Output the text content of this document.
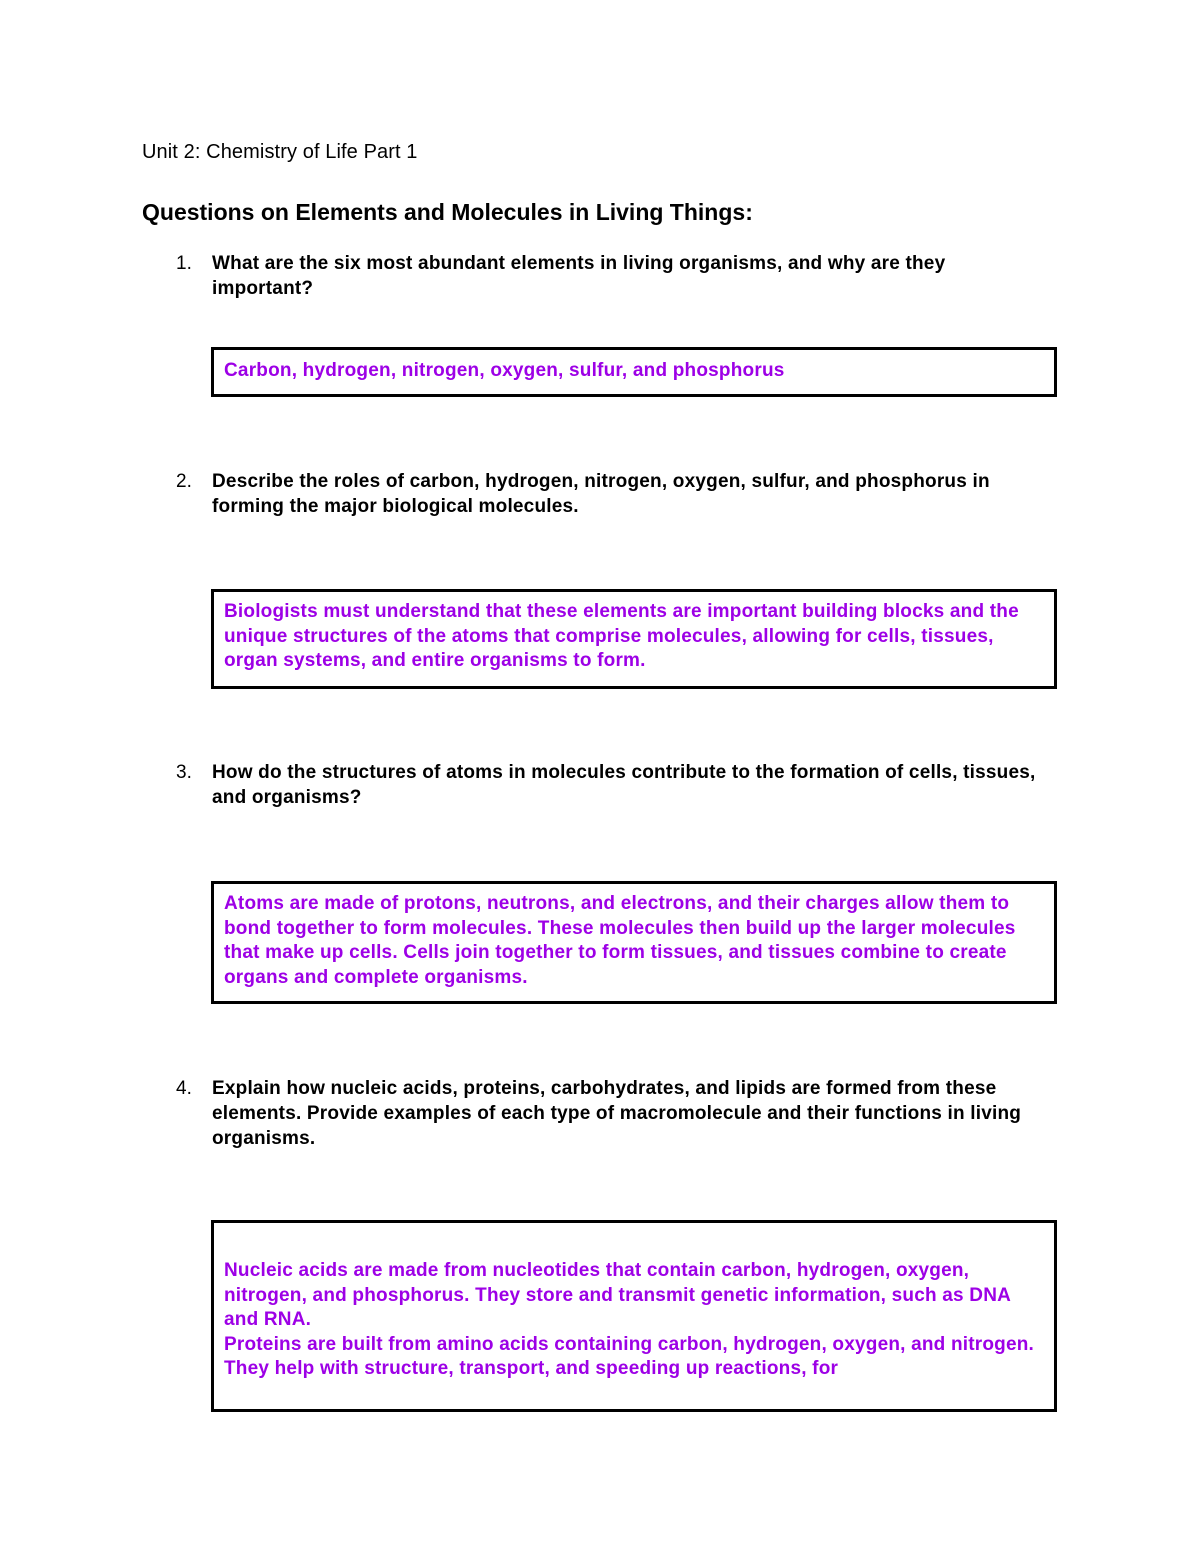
Unit 2: Chemistry of Life Part 1
Questions on Elements and Molecules in Living Things:
1. What are the six most abundant elements in living organisms, and why are they important?
Carbon, hydrogen, nitrogen, oxygen, sulfur, and phosphorus
2. Describe the roles of carbon, hydrogen, nitrogen, oxygen, sulfur, and phosphorus in forming the major biological molecules.
Biologists must understand that these elements are important building blocks and the unique structures of the atoms that comprise molecules, allowing for cells, tissues, organ systems, and entire organisms to form.
3. How do the structures of atoms in molecules contribute to the formation of cells, tissues, and organisms?
Atoms are made of protons, neutrons, and electrons, and their charges allow them to bond together to form molecules. These molecules then build up the larger molecules that make up cells. Cells join together to form tissues, and tissues combine to create organs and complete organisms.
4. Explain how nucleic acids, proteins, carbohydrates, and lipids are formed from these elements. Provide examples of each type of macromolecule and their functions in living organisms.
Nucleic acids are made from nucleotides that contain carbon, hydrogen, oxygen, nitrogen, and phosphorus. They store and transmit genetic information, such as DNA and RNA.
Proteins are built from amino acids containing carbon, hydrogen, oxygen, and nitrogen. They help with structure, transport, and speeding up reactions, for
